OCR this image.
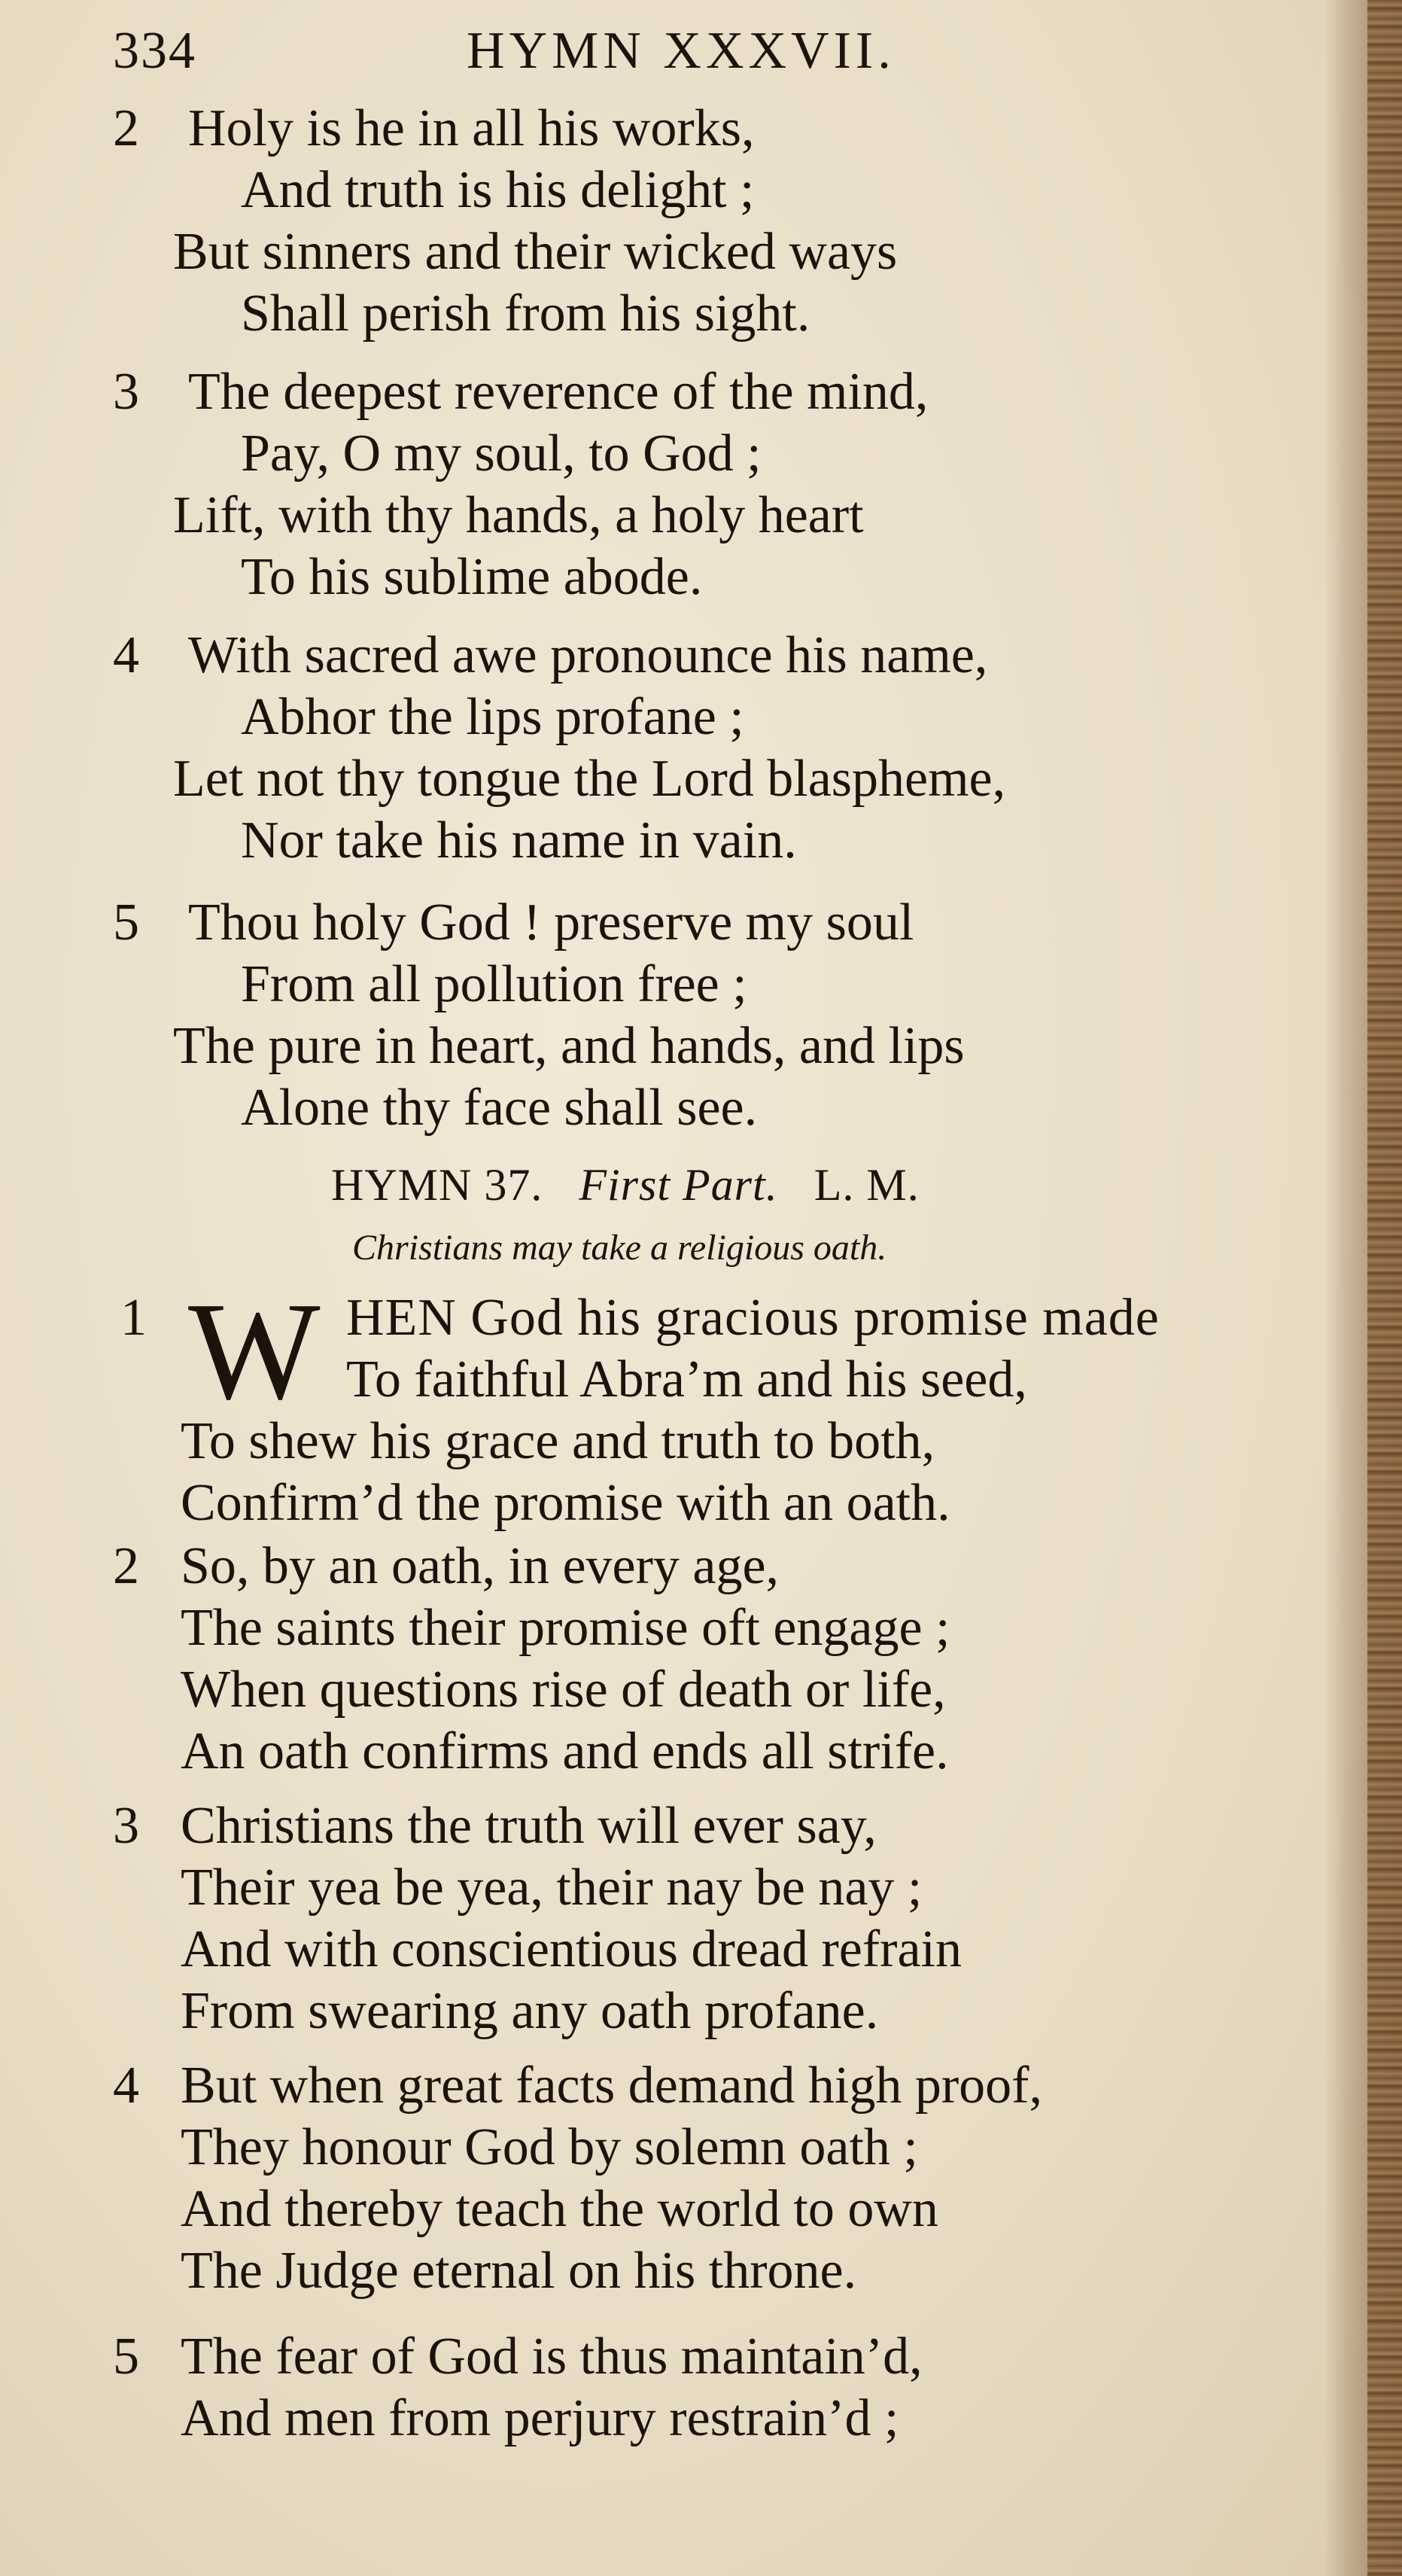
334	HYMN XXXVII.
2 Holy is he in all his works,
And truth is his delight ;
But sinners and their wicked ways
Shall perish from his sight.
3 The deepest reverence of the mind,
Pay, O my soul, to God ;
Lift, with thy hands, a holy heart
To his sublime abode.
4 With sacred awe pronounce his name,
Abhor the lips profane ;
Let not thy tongue the Lord blaspheme,
Nor take his name in vain.
5 Thou holy God ! preserve my soul
From all pollution free ;
The pure in heart, and hands, and lips
Alone thy face shall see.
HYMN 37. First Part. L. M.
Christians may take a religious oath.
1 W HEN God his gracious promise made
To faithful Abra’m and his seed,
To shew his grace and truth to both,
Confirm’d the promise with an oath.
2 So, by an oath, in every age,
The saints their promise oft engage ;
When questions rise of death or life,
An oath confirms and ends all strife.
3 Christians the truth will ever say,
Their yea be yea, their nay be nay ;
And with conscientious dread refrain
From swearing any oath profane.
4 But when great facts demand high proof,
They honour God by solemn oath ;
And thereby teach the world to own
The Judge eternal on his throne.
5 The fear of God is thus maintain’d,
And men from perjury restrain’d ;
